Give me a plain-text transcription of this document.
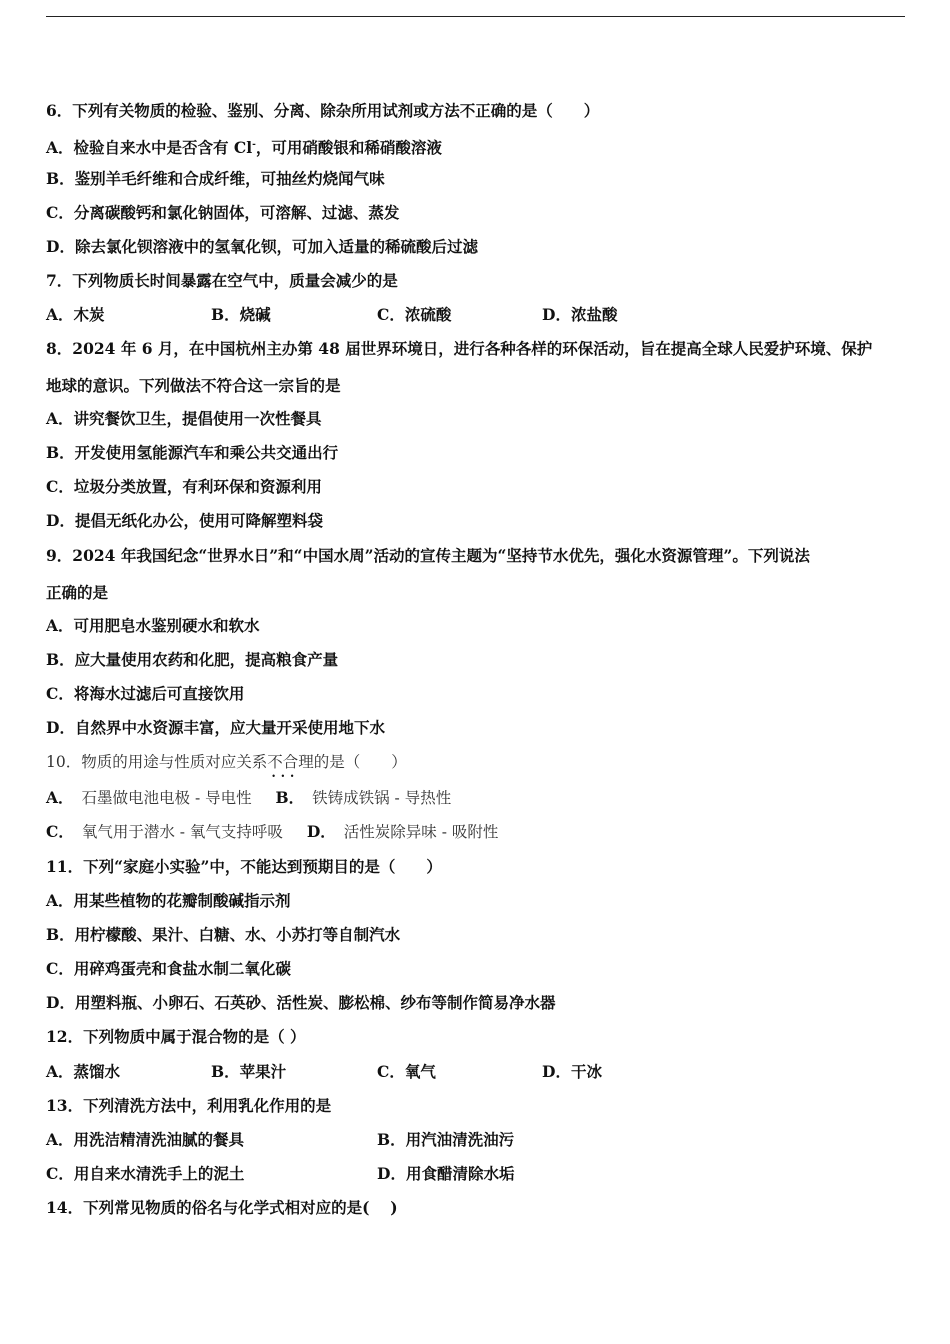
6．下列有关物质的检验、鉴别、分离、除杂所用试剂或方法不正确的是（　　）
A．检验自来水中是否含有 Cl-，可用硝酸银和稀硝酸溶液
B．鉴别羊毛纤维和合成纤维，可抽丝灼烧闻气味
C．分离碳酸钙和氯化钠固体，可溶解、过滤、蒸发
D．除去氯化钡溶液中的氢氧化钡，可加入适量的稀硫酸后过滤
7．下列物质长时间暴露在空气中，质量会减少的是
A．木炭	B．烧碱	C．浓硫酸	D．浓盐酸
8．2024 年 6 月，在中国杭州主办第 48 届世界环境日，进行各种各样的环保活动，旨在提高全球人民爱护环境、保护
地球的意识。下列做法不符合这一宗旨的是
A．讲究餐饮卫生，提倡使用一次性餐具
B．开发使用氢能源汽车和乘公共交通出行
C．垃圾分类放置，有利环保和资源利用
D．提倡无纸化办公，使用可降解塑料袋
9．2024 年我国纪念“世界水日”和“中国水周”活动的宣传主题为“坚持节水优先，强化水资源管理”。下列说法
正确的是
A．可用肥皂水鉴别硬水和软水
B．应大量使用农药和化肥，提高粮食产量
C．将海水过滤后可直接饮用
D．自然界中水资源丰富，应大量开采使用地下水
10．物质的用途与性质对应关系不合理 • • •的是（　　）
A． 石墨做电池电极 - 导电性 B． 铁铸成铁锅 - 导热性
C． 氧气用于潜水 - 氧气支持呼吸 D． 活性炭除异味 - 吸附性
11．下列“家庭小实验”中，不能达到预期目的是（　　）
A．用某些植物的花瓣制酸碱指示剂
B．用柠檬酸、果汁、白糖、水、小苏打等自制汽水
C．用碎鸡蛋壳和食盐水制二氧化碳
D．用塑料瓶、小卵石、石英砂、活性炭、膨松棉、纱布等制作简易净水器
12．下列物质中属于混合物的是（ ）
A．蒸馏水	B．苹果汁	C．氧气	D．干冰
13．下列清洗方法中，利用乳化作用的是
A．用洗洁精清洗油腻的餐具	B．用汽油清洗油污
C．用自来水清洗手上的泥土	D．用食醋清除水垢
14．下列常见物质的俗名与化学式相对应的是(　 )
